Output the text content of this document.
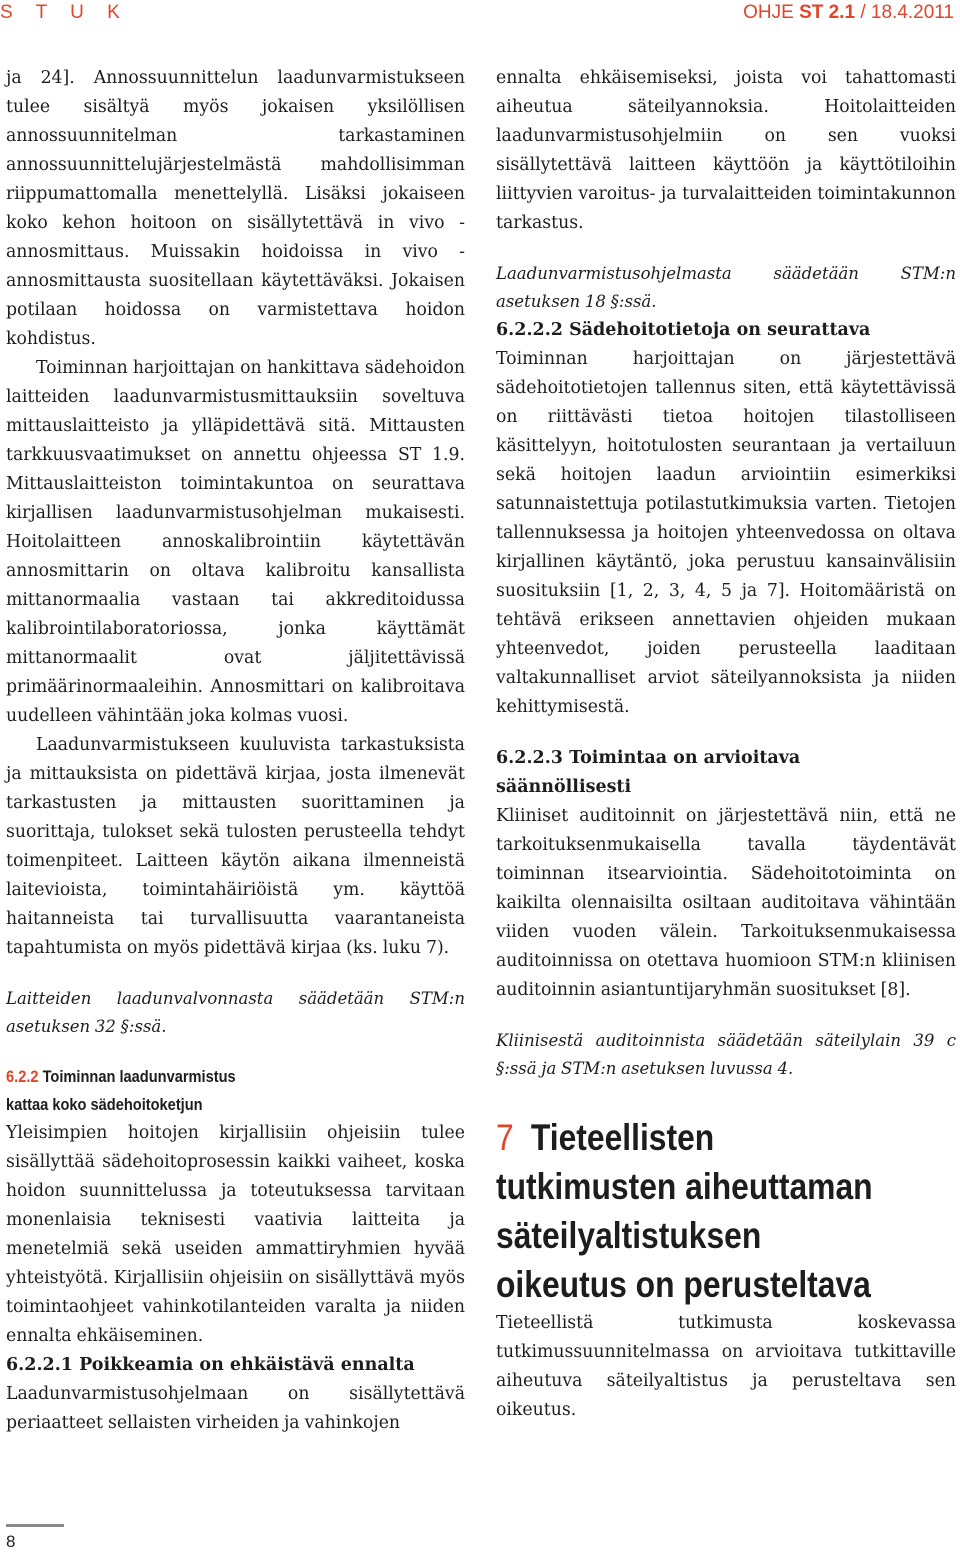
S T U K	OHJE ST 2.1 / 18.4.2011

ja 24]. Annossuunnittelun laadunvarmistukseen tulee sisältyä myös jokaisen yksilöllisen annossuunnitelman tarkastaminen annossuunnittelujärjestelmästä mahdollisimman riippumattomalla menettelyllä. Lisäksi jokaiseen koko kehon hoitoon on sisällytettävä in vivo -annosmittaus. Muissakin hoidoissa in vivo -annosmittausta suositellaan käytettäväksi. Jokaisen potilaan hoidossa on varmistettava hoidon kohdistus.

Toiminnan harjoittajan on hankittava sädehoidon laitteiden laadunvarmistusmittauksiin soveltuva mittauslaitteisto ja ylläpidettävä sitä. Mittausten tarkkuusvaatimukset on annettu ohjeessa ST 1.9. Mittauslaitteiston toimintakuntoa on seurattava kirjallisen laadunvarmistusohjelman mukaisesti. Hoitolaitteen annoskalibrointiin käytettävän annosmittarin on oltava kalibroitu kansallista mittanormaalia vastaan tai akkreditoidussa kalibrointilaboratoriossa, jonka käyttämät mittanormaalit ovat jäljitettävissä primäärinormaaleihin. Annosmittari on kalibroitava uudelleen vähintään joka kolmas vuosi.

Laadunvarmistukseen kuuluvista tarkastuksista ja mittauksista on pidettävä kirjaa, josta ilmenevät tarkastusten ja mittausten suorittaminen ja suorittaja, tulokset sekä tulosten perusteella tehdyt toimenpiteet. Laitteen käytön aikana ilmenneistä laitevioista, toimintahäiriöistä ym. käyttöä haitanneista tai turvallisuutta vaarantaneista tapahtumista on myös pidettävä kirjaa (ks. luku 7).

Laitteiden laadunvalvonnasta säädetään STM:n asetuksen 32 §:ssä.

6.2.2 Toiminnan laadunvarmistus

kattaa koko sädehoitoketjun

Yleisimpien hoitojen kirjallisiin ohjeisiin tulee sisällyttää sädehoitoprosessin kaikki vaiheet, koska hoidon suunnittelussa ja toteutuksessa tarvitaan monenlaisia teknisesti vaativia laitteita ja menetelmiä sekä useiden ammattiryhmien hyvää yhteistyötä. Kirjallisiin ohjeisiin on sisällyttävä myös toimintaohjeet vahinkotilanteiden varalta ja niiden ennalta ehkäiseminen.

6.2.2.1 Poikkeamia on ehkäistävä ennalta

Laadunvarmistusohjelmaan on sisällytettävä periaatteet sellaisten virheiden ja vahinkojen

ennalta ehkäisemiseksi, joista voi tahattomasti aiheutua säteilyannoksia. Hoitolaitteiden laadunvarmistusohjelmiin on sen vuoksi sisällytettävä laitteen käyttöön ja käyttötiloihin liittyvien varoitus- ja turvalaitteiden toimintakunnon tarkastus.

Laadunvarmistusohjelmasta säädetään STM:n asetuksen 18 §:ssä.

6.2.2.2 Sädehoitotietoja on seurattava

Toiminnan harjoittajan on järjestettävä sädehoitotietojen tallennus siten, että käytettävissä on riittävästi tietoa hoitojen tilastolliseen käsittelyyn, hoitotulosten seurantaan ja vertailuun sekä hoitojen laadun arviointiin esimerkiksi satunnaistettuja potilastutkimuksia varten. Tietojen tallennuksessa ja hoitojen yhteenvedossa on oltava kirjallinen käytäntö, joka perustuu kansainvälisiin suosituksiin [1, 2, 3, 4, 5 ja 7]. Hoitomääristä on tehtävä erikseen annettavien ohjeiden mukaan yhteenvedot, joiden perusteella laaditaan valtakunnalliset arviot säteilyannoksista ja niiden kehittymisestä.

6.2.2.3 Toimintaa on arvioitava

säännöllisesti

Kliiniset auditoinnit on järjestettävä niin, että ne tarkoituksenmukaisella tavalla täydentävät toiminnan itsearviointia. Sädehoitotoiminta on kaikilta olennaisilta osiltaan auditoitava vähintään viiden vuoden välein. Tarkoituksenmukaisessa auditoinnissa on otettava huomioon STM:n kliinisen auditoinnin asiantuntijaryhmän suositukset [8].

Kliinisestä auditoinnista säädetään säteilylain 39 c §:ssä ja STM:n asetuksen luvussa 4.

7 Tieteellisten

tutkimusten aiheuttaman

säteilyaltistuksen

oikeutus on perusteltava

Tieteellistä tutkimusta koskevassa tutkimussuunnitelmassa on arvioitava tutkittaville aiheutuva säteilyaltistus ja perusteltava sen oikeutus.

8
